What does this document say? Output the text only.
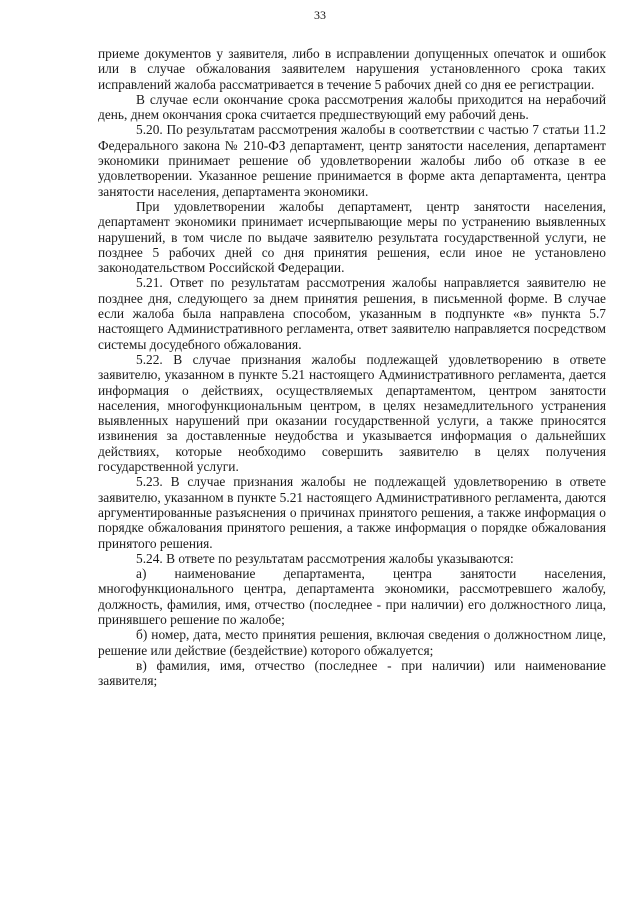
33

приеме документов у заявителя, либо в исправлении допущенных опечаток и ошибок или в случае обжалования заявителем нарушения установленного срока таких исправлений жалоба рассматривается в течение 5 рабочих дней со дня ее регистрации.

В случае если окончание срока рассмотрения жалобы приходится на нерабочий день, днем окончания срока считается предшествующий ему рабочий день.

5.20. По результатам рассмотрения жалобы в соответствии с частью 7 статьи 11.2 Федерального закона № 210-ФЗ департамент, центр занятости населения, департамент экономики принимает решение об удовлетворении жалобы либо об отказе в ее удовлетворении. Указанное решение принимается в форме акта департамента, центра занятости населения, департамента экономики.

При удовлетворении жалобы департамент, центр занятости населения, департамент экономики принимает исчерпывающие меры по устранению выявленных нарушений, в том числе по выдаче заявителю результата государственной услуги, не позднее 5 рабочих дней со дня принятия решения, если иное не установлено законодательством Российской Федерации.

5.21. Ответ по результатам рассмотрения жалобы направляется заявителю не позднее дня, следующего за днем принятия решения, в письменной форме. В случае если жалоба была направлена способом, указанным в подпункте «в» пункта 5.7 настоящего Административного регламента, ответ заявителю направляется посредством системы досудебного обжалования.

5.22. В случае признания жалобы подлежащей удовлетворению в ответе заявителю, указанном в пункте 5.21 настоящего Административного регламента, дается информация о действиях, осуществляемых департаментом, центром занятости населения, многофункциональным центром, в целях незамедлительного устранения выявленных нарушений при оказании государственной услуги, а также приносятся извинения за доставленные неудобства и указывается информация о дальнейших действиях, которые необходимо совершить заявителю в целях получения государственной услуги.

5.23. В случае признания жалобы не подлежащей удовлетворению в ответе заявителю, указанном в пункте 5.21 настоящего Административного регламента, даются аргументированные разъяснения о причинах принятого решения, а также информация о порядке обжалования принятого решения, а также информация о порядке обжалования принятого решения.

5.24. В ответе по результатам рассмотрения жалобы указываются:

а) наименование департамента, центра занятости населения, многофункционального центра, департамента экономики, рассмотревшего жалобу, должность, фамилия, имя, отчество (последнее - при наличии) его должностного лица, принявшего решение по жалобе;

б) номер, дата, место принятия решения, включая сведения о должностном лице, решение или действие (бездействие) которого обжалуется;

в) фамилия, имя, отчество (последнее - при наличии) или наименование заявителя;
